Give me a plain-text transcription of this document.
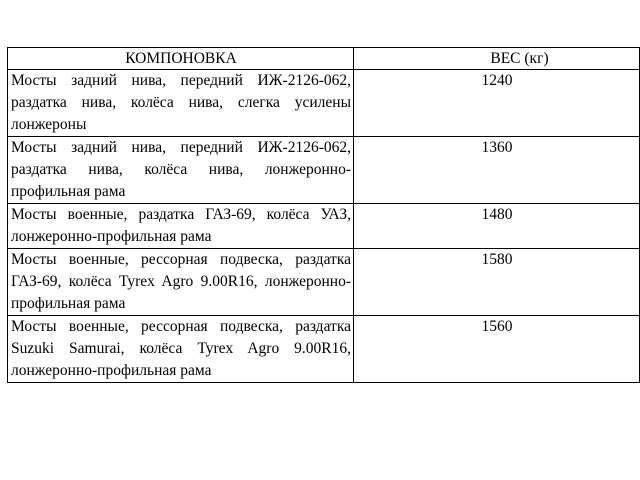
КОМПОНОВКА	ВЕС (кг)
Мосты задний нива, передний ИЖ-2126-062, раздатка нива, колёса нива, слегка усилены лонжероны	1240
Мосты задний нива, передний ИЖ-2126-062, раздатка нива, колёса нива, лонжеронно-профильная рама	1360
Мосты военные, раздатка ГАЗ-69, колёса УАЗ, лонжеронно-профильная рама	1480
Мосты военные, рессорная подвеска, раздатка ГАЗ-69, колёса Tyrex Agro 9.00R16, лонжеронно-профильная рама	1580
Мосты военные, рессорная подвеска, раздатка Suzuki Samurai, колёса Tyrex Agro 9.00R16, лонжеронно-профильная рама	1560
